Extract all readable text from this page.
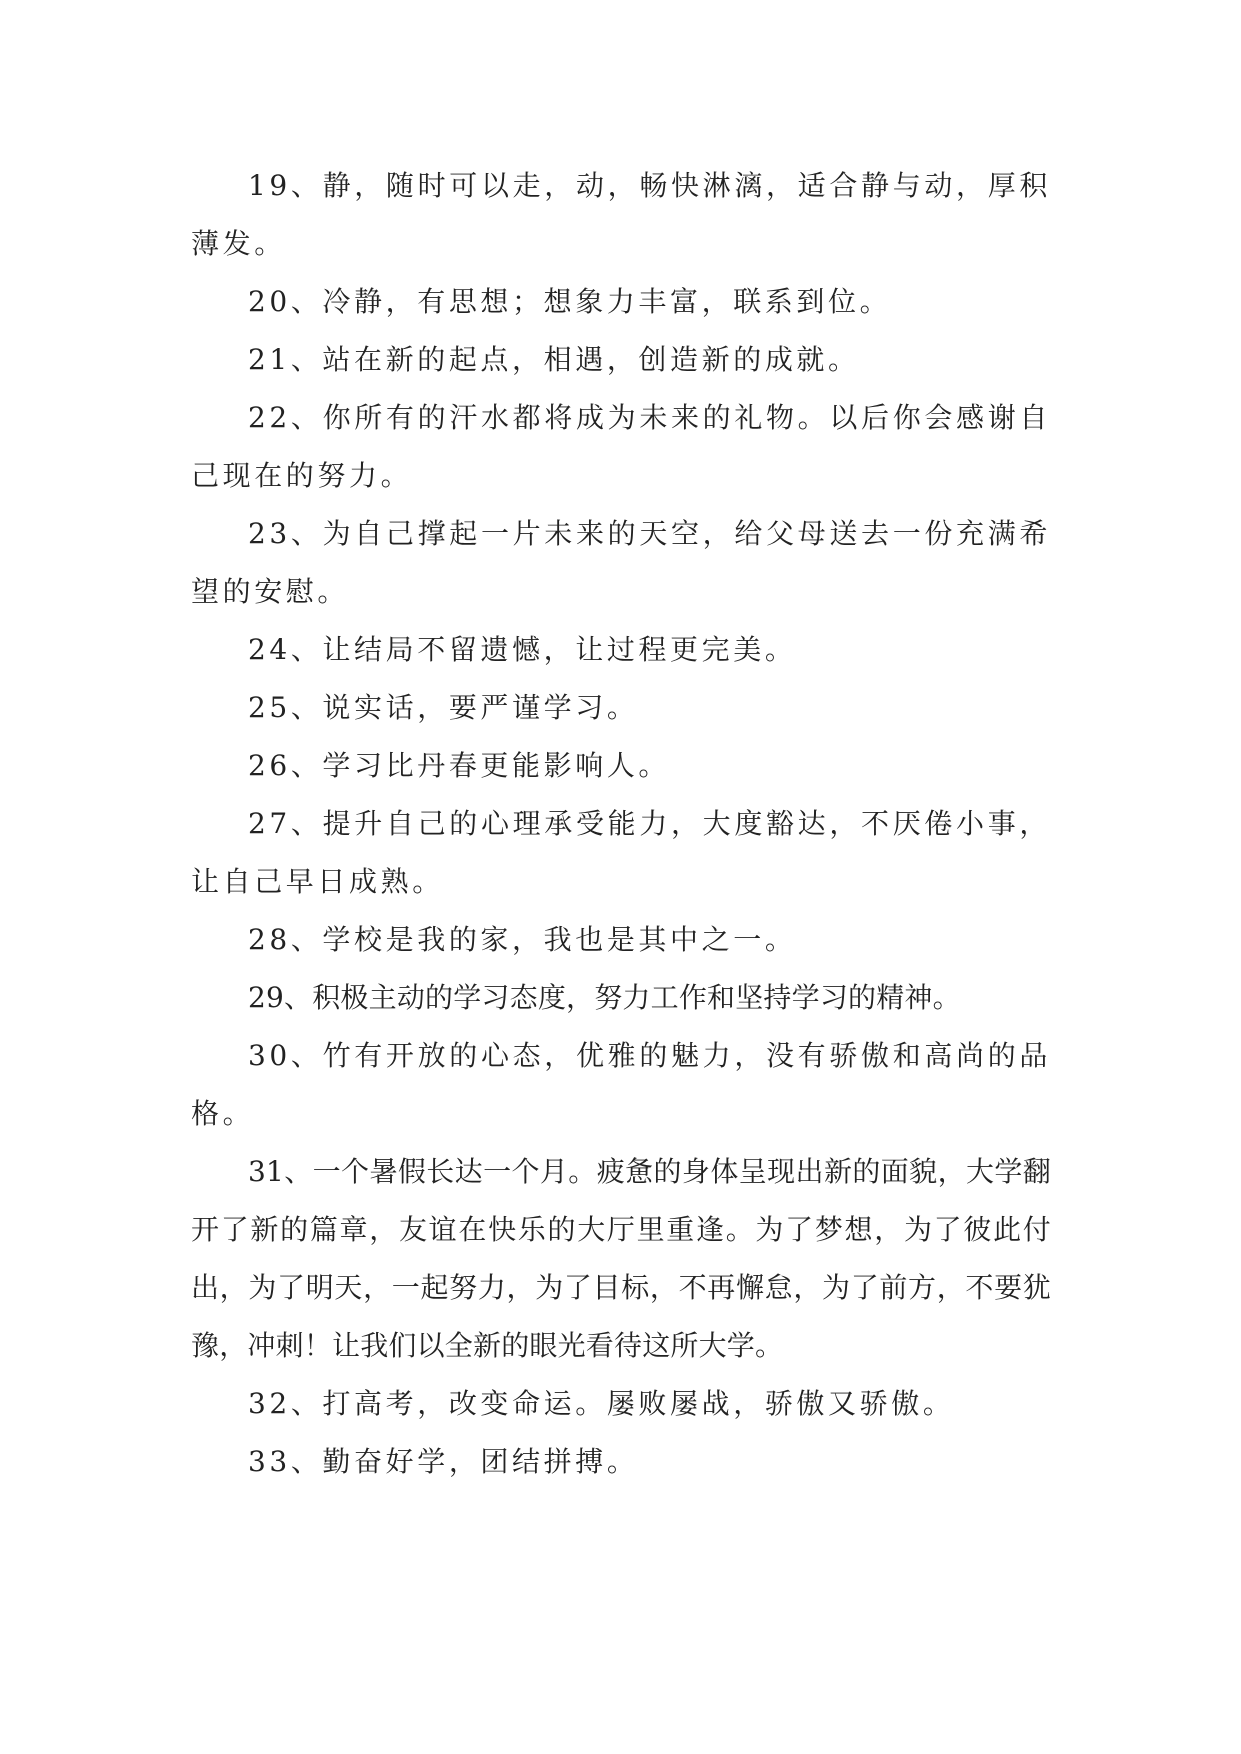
19、静，随时可以走，动，畅快淋漓，适合静与动，厚积薄发。

20、冷静，有思想；想象力丰富，联系到位。

21、站在新的起点，相遇，创造新的成就。

22、你所有的汗水都将成为未来的礼物。以后你会感谢自己现在的努力。

23、为自己撑起一片未来的天空，给父母送去一份充满希望的安慰。

24、让结局不留遗憾，让过程更完美。

25、说实话，要严谨学习。

26、学习比丹春更能影响人。

27、提升自己的心理承受能力，大度豁达，不厌倦小事，让自己早日成熟。

28、学校是我的家，我也是其中之一。

29、积极主动的学习态度，努力工作和坚持学习的精神。

30、竹有开放的心态，优雅的魅力，没有骄傲和高尚的品格。

31、一个暑假长达一个月。疲惫的身体呈现出新的面貌，大学翻开了新的篇章，友谊在快乐的大厅里重逢。为了梦想，为了彼此付出，为了明天，一起努力，为了目标，不再懈怠，为了前方，不要犹豫，冲刺！让我们以全新的眼光看待这所大学。

32、打高考，改变命运。屡败屡战，骄傲又骄傲。

33、勤奋好学，团结拼搏。
